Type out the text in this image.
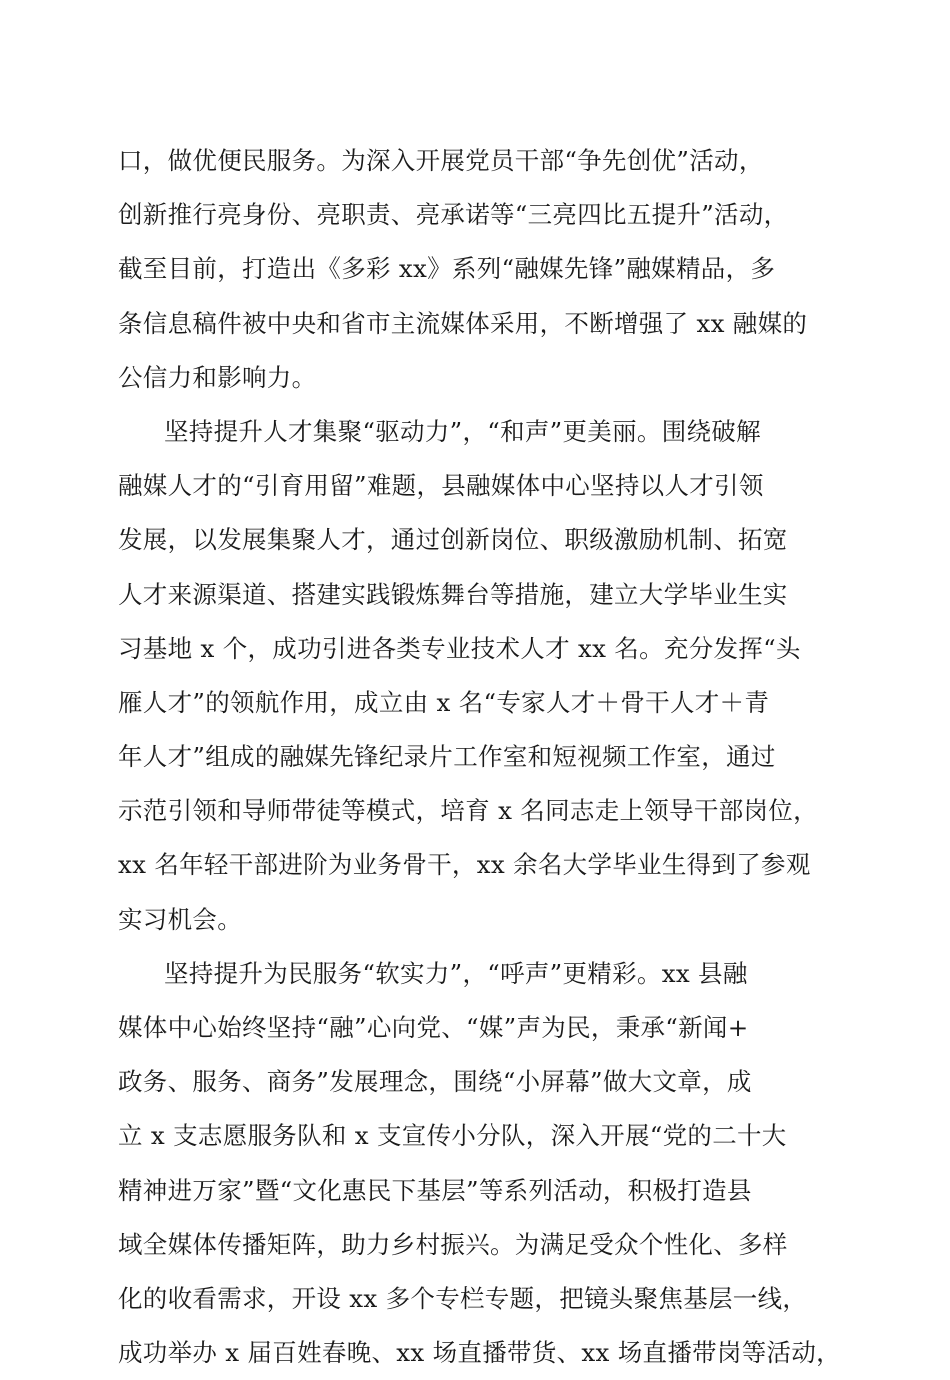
口，做优便民服务。为深入开展党员干部“争先创优”活动，
创新推行亮身份、亮职责、亮承诺等“三亮四比五提升”活动，
截至目前，打造出《多彩 xx》系列“融媒先锋”融媒精品，多
条信息稿件被中央和省市主流媒体采用，不断增强了 xx 融媒的
公信力和影响力。
坚持提升人才集聚“驱动力”，“和声”更美丽。围绕破解
融媒人才的“引育用留”难题，县融媒体中心坚持以人才引领
发展，以发展集聚人才，通过创新岗位、职级激励机制、拓宽
人才来源渠道、搭建实践锻炼舞台等措施，建立大学毕业生实
习基地 x 个，成功引进各类专业技术人才 xx 名。充分发挥“头
雁人才”的领航作用，成立由 x 名“专家人才＋骨干人才＋青
年人才”组成的融媒先锋纪录片工作室和短视频工作室，通过
示范引领和导师带徒等模式，培育 x 名同志走上领导干部岗位，
xx 名年轻干部进阶为业务骨干，xx 余名大学毕业生得到了参观
实习机会。
坚持提升为民服务“软实力”，“呼声”更精彩。xx 县融
媒体中心始终坚持“融”心向党、“媒”声为民，秉承“新闻+
政务、服务、商务”发展理念，围绕“小屏幕”做大文章，成
立 x 支志愿服务队和 x 支宣传小分队，深入开展“党的二十大
精神进万家”暨“文化惠民下基层”等系列活动，积极打造县
域全媒体传播矩阵，助力乡村振兴。为满足受众个性化、多样
化的收看需求，开设 xx 多个专栏专题，把镜头聚焦基层一线，
成功举办 x 届百姓春晚、xx 场直播带货、xx 场直播带岗等活动，
